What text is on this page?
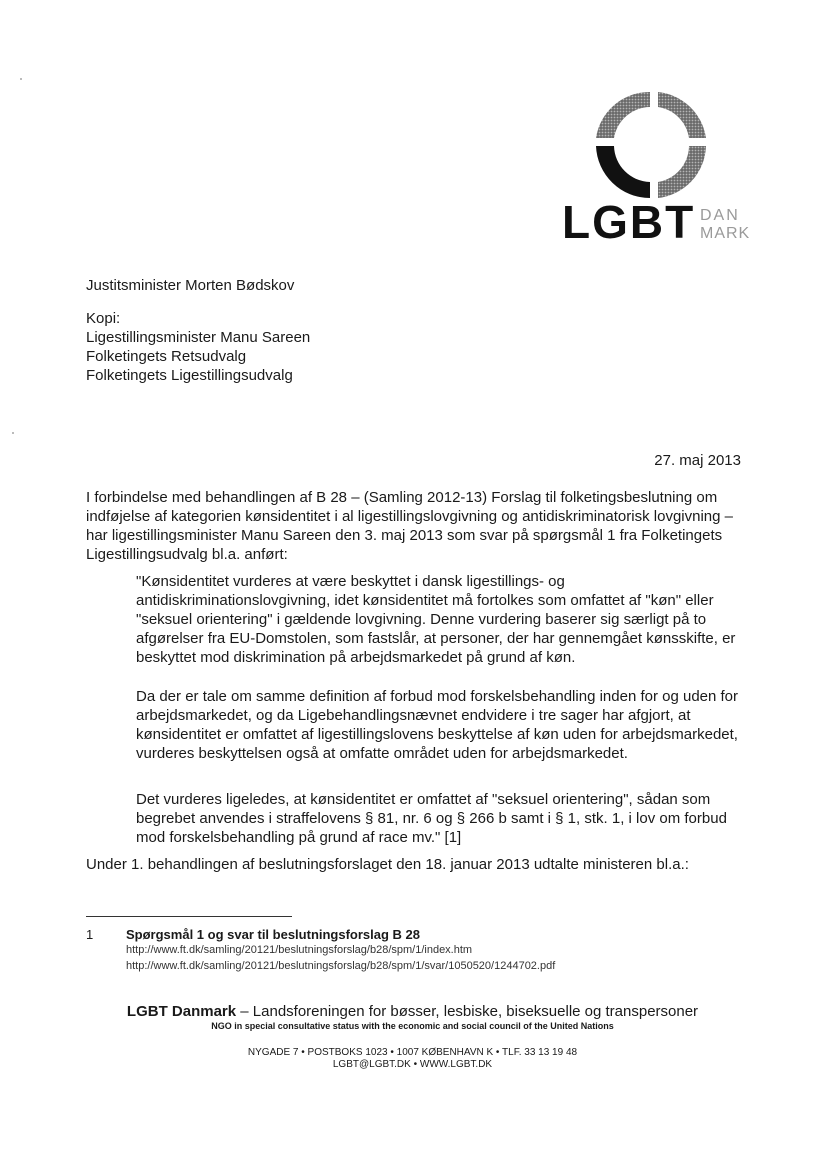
LGBT DAN
MARK
Justitsminister Morten Bødskov
Kopi:
Ligestillingsminister Manu Sareen
Folketingets Retsudvalg
Folketingets Ligestillingsudvalg
27. maj 2013
I forbindelse med behandlingen af B 28 – (Samling 2012-13) Forslag til folketingsbeslutning om indføjelse af kategorien kønsidentitet i al ligestillingslovgivning og antidiskriminatorisk lovgivning – har ligestillingsminister Manu Sareen den 3. maj 2013 som svar på spørgsmål 1 fra Folketingets Ligestillingsudvalg bl.a. anført:
"Kønsidentitet vurderes at være beskyttet i dansk ligestillings- og antidiskriminationslovgivning, idet kønsidentitet må fortolkes som omfattet af "køn" eller "seksuel orientering" i gældende lovgivning. Denne vurdering baserer sig særligt på to afgørelser fra EU-Domstolen, som fastslår, at personer, der har gennemgået kønsskifte, er beskyttet mod diskrimination på arbejdsmarkedet på grund af køn.
Da der er tale om samme definition af forbud mod forskelsbehandling inden for og uden for arbejdsmarkedet, og da Ligebehandlingsnævnet endvidere i tre sager har afgjort, at kønsidentitet er omfattet af ligestillingslovens beskyttelse af køn uden for arbejdsmarkedet, vurderes beskyttelsen også at omfatte området uden for arbejdsmarkedet.
Det vurderes ligeledes, at kønsidentitet er omfattet af "seksuel orientering", sådan som begrebet anvendes i straffelovens § 81, nr. 6 og § 266 b samt i § 1, stk. 1, i lov om forbud mod forskelsbehandling på grund af race mv." [1]
Under 1. behandlingen af beslutningsforslaget den 18. januar 2013 udtalte ministeren bl.a.:
1	Spørgsmål 1 og svar til beslutningsforslag B 28
http://www.ft.dk/samling/20121/beslutningsforslag/b28/spm/1/index.htm
http://www.ft.dk/samling/20121/beslutningsforslag/b28/spm/1/svar/1050520/1244702.pdf
LGBT Danmark – Landsforeningen for bøsser, lesbiske, biseksuelle og transpersoner
NGO in special consultative status with the economic and social council of the United Nations
NYGADE 7 • POSTBOKS 1023 • 1007 KØBENHAVN K • TLF. 33 13 19 48
LGBT@LGBT.DK • WWW.LGBT.DK
